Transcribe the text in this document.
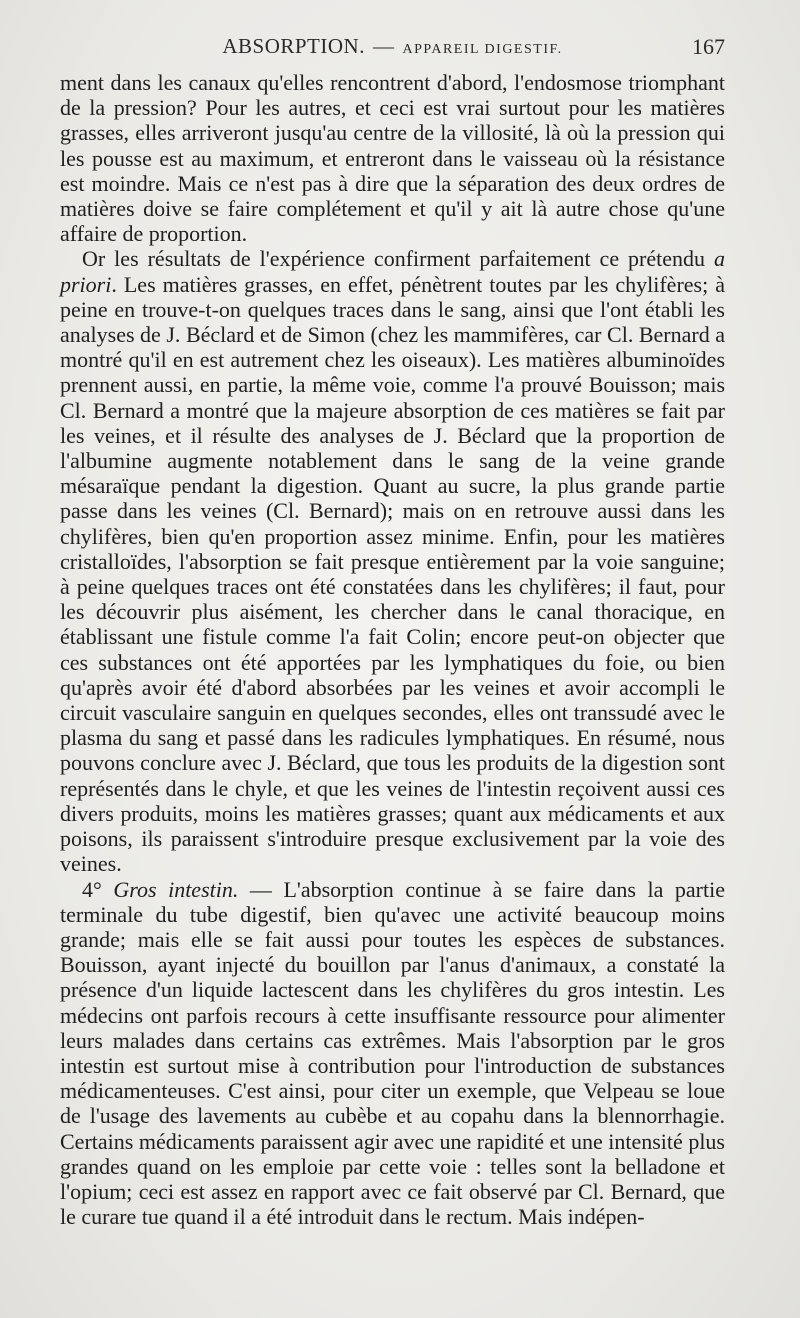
ABSORPTION. — APPAREIL DIGESTIF.	167

ment dans les canaux qu'elles rencontrent d'abord, l'endosmose triomphant de la pression? Pour les autres, et ceci est vrai surtout pour les matières grasses, elles arriveront jusqu'au centre de la villosité, là où la pression qui les pousse est au maximum, et entreront dans le vaisseau où la résistance est moindre. Mais ce n'est pas à dire que la séparation des deux ordres de matières doive se faire complétement et qu'il y ait là autre chose qu'une affaire de proportion.

Or les résultats de l'expérience confirment parfaitement ce prétendu a priori. Les matières grasses, en effet, pénètrent toutes par les chylifères; à peine en trouve-t-on quelques traces dans le sang, ainsi que l'ont établi les analyses de J. Béclard et de Simon (chez les mammifères, car Cl. Bernard a montré qu'il en est autrement chez les oiseaux). Les matières albuminoïdes prennent aussi, en partie, la même voie, comme l'a prouvé Bouisson; mais Cl. Bernard a montré que la majeure absorption de ces matières se fait par les veines, et il résulte des analyses de J. Béclard que la proportion de l'albumine augmente notablement dans le sang de la veine grande mésaraïque pendant la digestion. Quant au sucre, la plus grande partie passe dans les veines (Cl. Bernard); mais on en retrouve aussi dans les chylifères, bien qu'en proportion assez minime. Enfin, pour les matières cristalloïdes, l'absorption se fait presque entièrement par la voie sanguine; à peine quelques traces ont été constatées dans les chylifères; il faut, pour les découvrir plus aisément, les chercher dans le canal thoracique, en établissant une fistule comme l'a fait Colin; encore peut-on objecter que ces substances ont été apportées par les lymphatiques du foie, ou bien qu'après avoir été d'abord absorbées par les veines et avoir accompli le circuit vasculaire sanguin en quelques secondes, elles ont transsudé avec le plasma du sang et passé dans les radicules lymphatiques. En résumé, nous pouvons conclure avec J. Béclard, que tous les produits de la digestion sont représentés dans le chyle, et que les veines de l'intestin reçoivent aussi ces divers produits, moins les matières grasses; quant aux médicaments et aux poisons, ils paraissent s'introduire presque exclusivement par la voie des veines.

4° Gros intestin. — L'absorption continue à se faire dans la partie terminale du tube digestif, bien qu'avec une activité beaucoup moins grande; mais elle se fait aussi pour toutes les espèces de substances. Bouisson, ayant injecté du bouillon par l'anus d'animaux, a constaté la présence d'un liquide lactescent dans les chylifères du gros intestin. Les médecins ont parfois recours à cette insuffisante ressource pour alimenter leurs malades dans certains cas extrêmes. Mais l'absorption par le gros intestin est surtout mise à contribution pour l'introduction de substances médicamenteuses. C'est ainsi, pour citer un exemple, que Velpeau se loue de l'usage des lavements au cubèbe et au copahu dans la blennorrhagie. Certains médicaments paraissent agir avec une rapidité et une intensité plus grandes quand on les emploie par cette voie : telles sont la belladone et l'opium; ceci est assez en rapport avec ce fait observé par Cl. Bernard, que le curare tue quand il a été introduit dans le rectum. Mais indépen-
